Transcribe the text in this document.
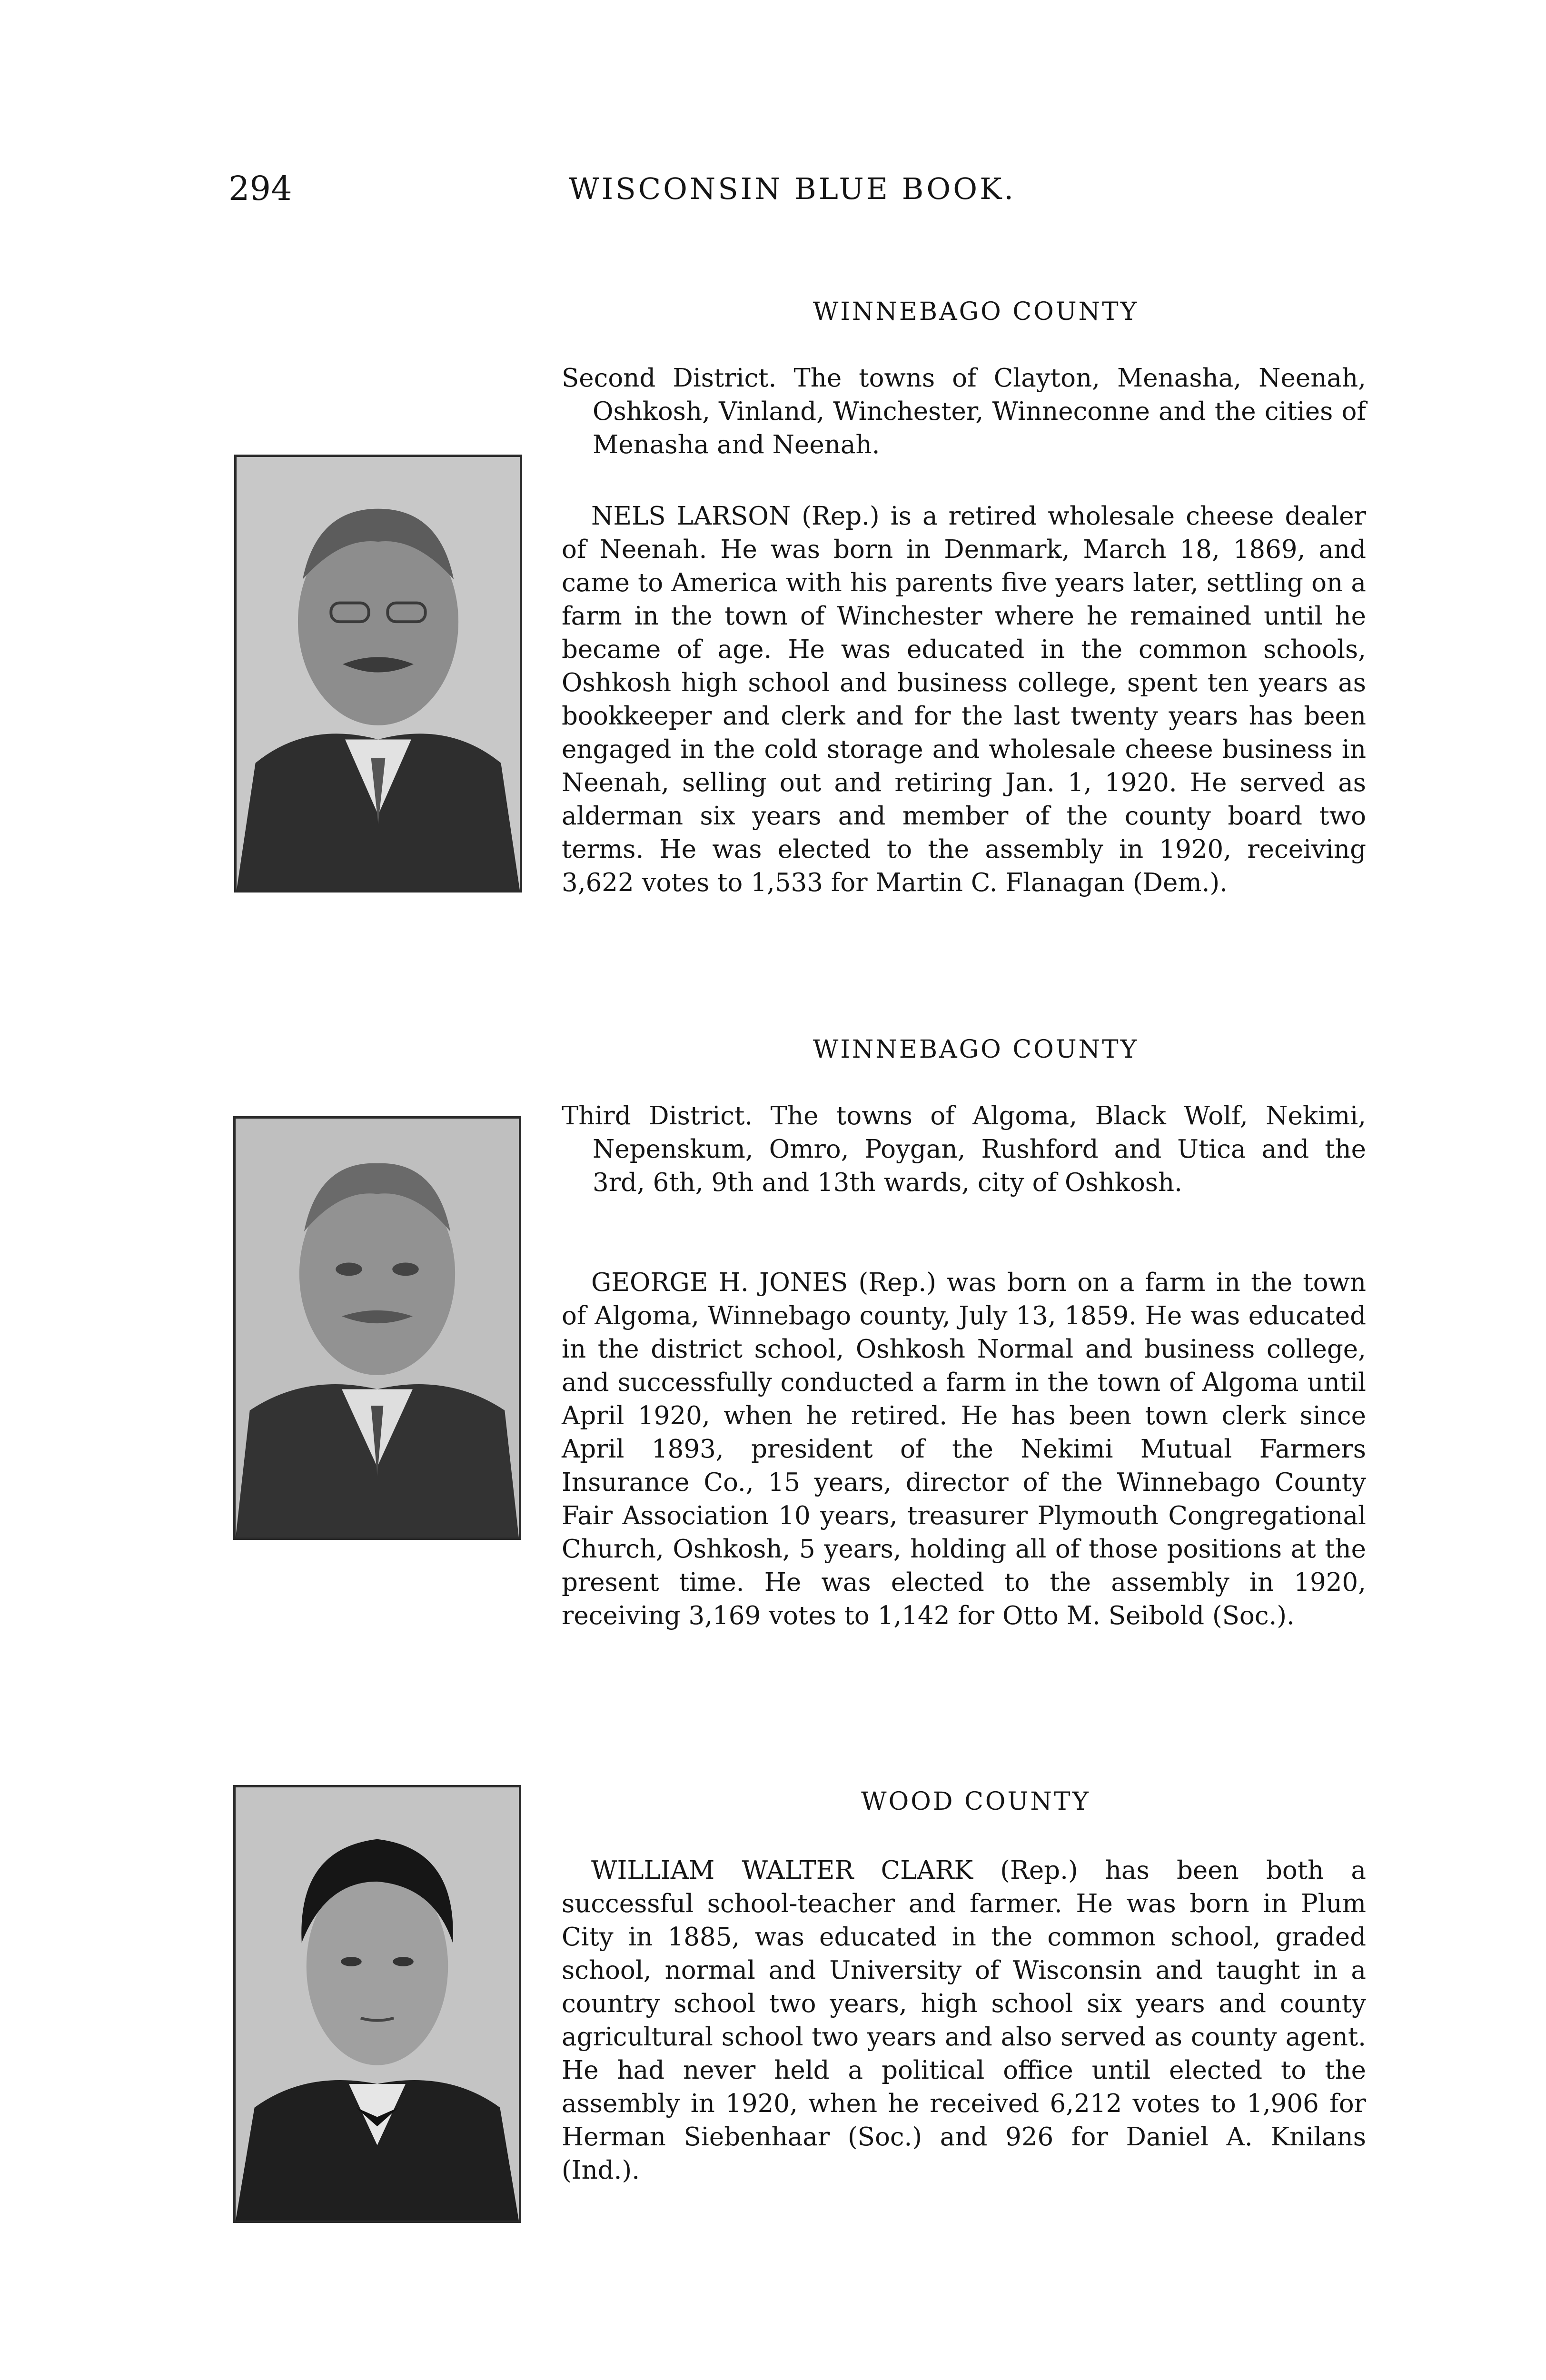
294	WISCONSIN BLUE BOOK.
WINNEBAGO COUNTY

Second District. The towns of Clayton, Menasha, Neenah, Oshkosh, Vinland, Winchester, Winneconne and the cities of Menasha and Neenah.

NELS LARSON (Rep.) is a retired wholesale cheese dealer of Neenah. He was born in Denmark, March 18, 1869, and came to America with his parents five years later, settling on a farm in the town of Winchester where he remained until he became of age. He was educated in the common schools, Oshkosh high school and business college, spent ten years as bookkeeper and clerk and for the last twenty years has been engaged in the cold storage and wholesale cheese business in Neenah, selling out and retiring Jan. 1, 1920. He served as alderman six years and member of the county board two terms. He was elected to the assembly in 1920, receiving 3,622 votes to 1,533 for Martin C. Flanagan (Dem.).

WINNEBAGO COUNTY

Third District. The towns of Algoma, Black Wolf, Nekimi, Nepenskum, Omro, Poygan, Rushford and Utica and the 3rd, 6th, 9th and 13th wards, city of Oshkosh.

GEORGE H. JONES (Rep.) was born on a farm in the town of Algoma, Winnebago county, July 13, 1859. He was educated in the district school, Oshkosh Normal and business college, and successfully conducted a farm in the town of Algoma until April 1920, when he retired. He has been town clerk since April 1893, president of the Nekimi Mutual Farmers Insurance Co., 15 years, director of the Winnebago County Fair Association 10 years, treasurer Plymouth Congregational Church, Oshkosh, 5 years, holding all of those positions at the present time. He was elected to the assembly in 1920, receiving 3,169 votes to 1,142 for Otto M. Seibold (Soc.).

WOOD COUNTY

WILLIAM WALTER CLARK (Rep.) has been both a successful school-teacher and farmer. He was born in Plum City in 1885, was educated in the common school, graded school, normal and University of Wisconsin and taught in a country school two years, high school six years and county agricultural school two years and also served as county agent. He had never held a political office until elected to the assembly in 1920, when he received 6,212 votes to 1,906 for Herman Siebenhaar (Soc.) and 926 for Daniel A. Knilans (Ind.).
